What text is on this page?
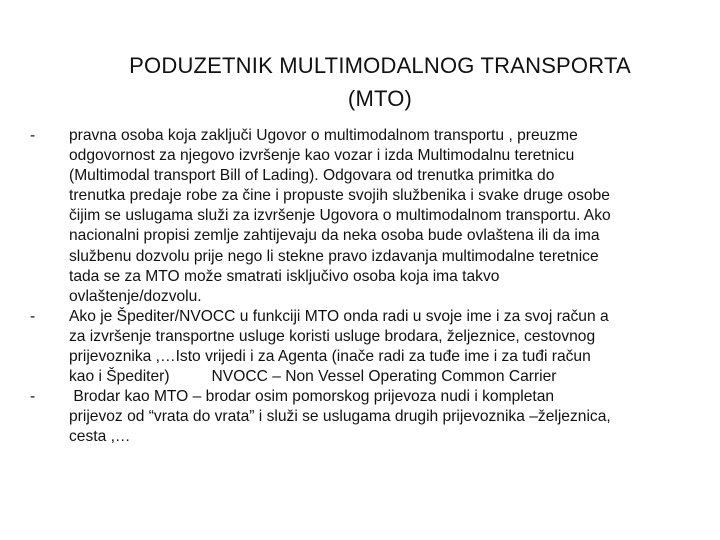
PODUZETNIK MULTIMODALNOG TRANSPORTA
(MTO)
-	pravna osoba koja zaključi Ugovor o multimodalnom transportu , preuzme
odgovornost za njegovo izvršenje kao vozar i izda Multimodalnu teretnicu
(Multimodal transport Bill of Lading). Odgovara od trenutka primitka do
trenutka predaje robe za čine i propuste svojih službenika i svake druge osobe
čijim se uslugama služi za izvršenje Ugovora o multimodalnom transportu. Ako
nacionalni propisi zemlje zahtijevaju da neka osoba bude ovlaštena ili da ima
službenu dozvolu prije nego li stekne pravo izdavanja multimodalne teretnice
tada se za MTO može smatrati isključivo osoba koja ima takvo
ovlaštenje/dozvolu.
-	Ako je Špediter/NVOCC u funkciji MTO onda radi u svoje ime i za svoj račun a
za izvršenje transportne usluge koristi usluge brodara, željeznice, cestovnog
prijevoznika ,…Isto vrijedi i za Agenta (inače radi za tuđe ime i za tuđi račun
kao i Špediter)	NVOCC – Non Vessel Operating Common Carrier
-	Brodar kao MTO – brodar osim pomorskog prijevoza nudi i kompletan
prijevoz od “vrata do vrata” i služi se uslugama drugih prijevoznika –željeznica,
cesta ,…
